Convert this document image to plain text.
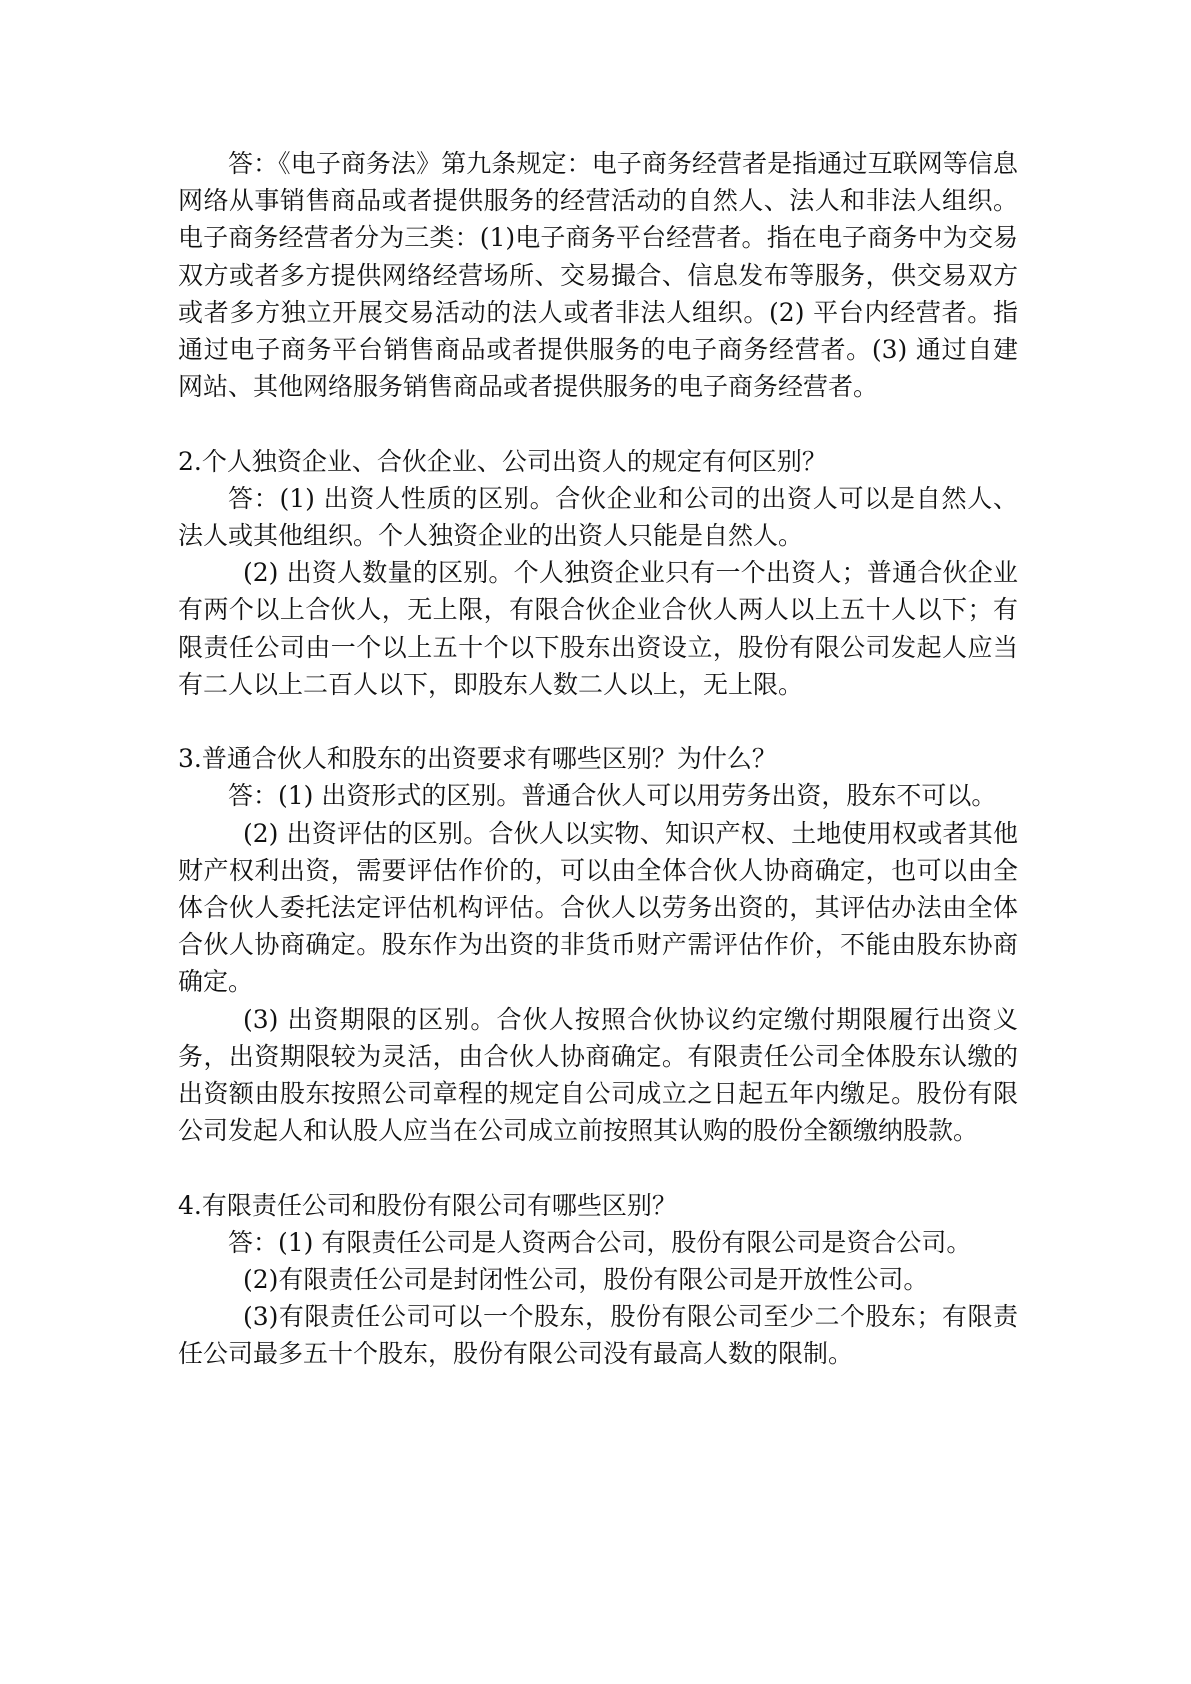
答：《电子商务法》第九条规定：电子商务经营者是指通过互联网等信息网络从事销售商品或者提供服务的经营活动的自然人、法人和非法人组织。电子商务经营者分为三类：(1)电子商务平台经营者。指在电子商务中为交易双方或者多方提供网络经营场所、交易撮合、信息发布等服务，供交易双方或者多方独立开展交易活动的法人或者非法人组织。(2) 平台内经营者。指通过电子商务平台销售商品或者提供服务的电子商务经营者。(3) 通过自建网站、其他网络服务销售商品或者提供服务的电子商务经营者。

2.个人独资企业、合伙企业、公司出资人的规定有何区别？

答：(1) 出资人性质的区别。合伙企业和公司的出资人可以是自然人、法人或其他组织。个人独资企业的出资人只能是自然人。

(2) 出资人数量的区别。个人独资企业只有一个出资人；普通合伙企业有两个以上合伙人，无上限，有限合伙企业合伙人两人以上五十人以下；有限责任公司由一个以上五十个以下股东出资设立，股份有限公司发起人应当有二人以上二百人以下，即股东人数二人以上，无上限。

3.普通合伙人和股东的出资要求有哪些区别？为什么？

答：(1) 出资形式的区别。普通合伙人可以用劳务出资，股东不可以。

(2) 出资评估的区别。合伙人以实物、知识产权、土地使用权或者其他财产权利出资，需要评估作价的，可以由全体合伙人协商确定，也可以由全体合伙人委托法定评估机构评估。合伙人以劳务出资的，其评估办法由全体合伙人协商确定。股东作为出资的非货币财产需评估作价，不能由股东协商确定。

(3) 出资期限的区别。合伙人按照合伙协议约定缴付期限履行出资义务，出资期限较为灵活，由合伙人协商确定。有限责任公司全体股东认缴的出资额由股东按照公司章程的规定自公司成立之日起五年内缴足。股份有限公司发起人和认股人应当在公司成立前按照其认购的股份全额缴纳股款。

4.有限责任公司和股份有限公司有哪些区别？

答：(1) 有限责任公司是人资两合公司，股份有限公司是资合公司。

(2)有限责任公司是封闭性公司，股份有限公司是开放性公司。

(3)有限责任公司可以一个股东，股份有限公司至少二个股东；有限责任公司最多五十个股东，股份有限公司没有最高人数的限制。
